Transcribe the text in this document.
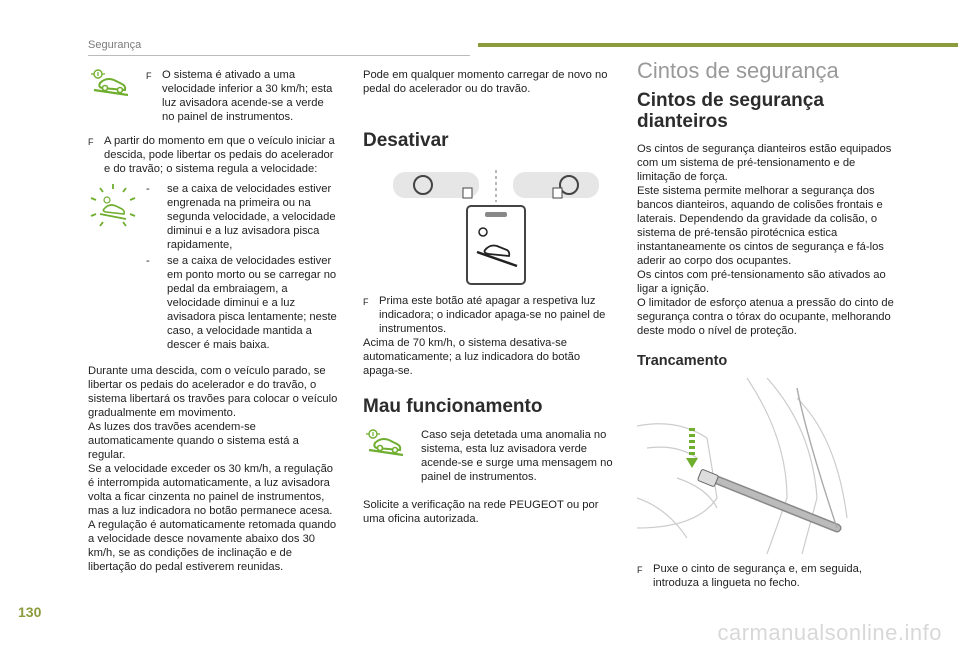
Segurança
F O sistema é ativado a uma velocidade inferior a 30 km/h; esta luz avisadora acende-se a verde no painel de instrumentos.

F A partir do momento em que o veículo iniciar a descida, pode libertar os pedais do acelerador e do travão; o sistema regula a velocidade:

-	se a caixa de velocidades estiver engrenada na primeira ou na segunda velocidade, a velocidade diminui e a luz avisadora pisca rapidamente,

-	se a caixa de velocidades estiver em ponto morto ou se carregar no pedal da embraiagem, a velocidade diminui e a luz avisadora pisca lentamente; neste caso, a velocidade mantida a descer é mais baixa.

Durante uma descida, com o veículo parado, se libertar os pedais do acelerador e do travão, o sistema libertará os travões para colocar o veículo gradualmente em movimento.

As luzes dos travões acendem-se automaticamente quando o sistema está a regular.

Se a velocidade exceder os 30 km/h, a regulação é interrompida automaticamente, a luz avisadora volta a ficar cinzenta no painel de instrumentos, mas a luz indicadora no botão permanece acesa.

A regulação é automaticamente retomada quando a velocidade desce novamente abaixo dos 30 km/h, se as condições de inclinação e de libertação do pedal estiverem reunidas.

Pode em qualquer momento carregar de novo no pedal do acelerador ou do travão.

Desativar
F Prima este botão até apagar a respetiva luz indicadora; o indicador apaga-se no painel de instrumentos.

Acima de 70 km/h, o sistema desativa-se automaticamente; a luz indicadora do botão apaga-se.

Mau funcionamento

Caso seja detetada uma anomalia no sistema, esta luz avisadora verde acende-se e surge uma mensagem no painel de instrumentos.

Solicite a verificação na rede PEUGEOT ou por uma oficina autorizada.

Cintos de segurança
Cintos de segurança dianteiros

Os cintos de segurança dianteiros estão equipados com um sistema de pré-tensionamento e de limitação de força.

Este sistema permite melhorar a segurança dos bancos dianteiros, aquando de colisões frontais e laterais. Dependendo da gravidade da colisão, o sistema de pré-tensão pirotécnica estica instantaneamente os cintos de segurança e fá-los aderir ao corpo dos ocupantes.

Os cintos com pré-tensionamento são ativados ao ligar a ignição.

O limitador de esforço atenua a pressão do cinto de segurança contra o tórax do ocupante, melhorando deste modo o nível de proteção.

Trancamento
F Puxe o cinto de segurança e, em seguida, introduza a lingueta no fecho.

130
carmanualsonline.info
